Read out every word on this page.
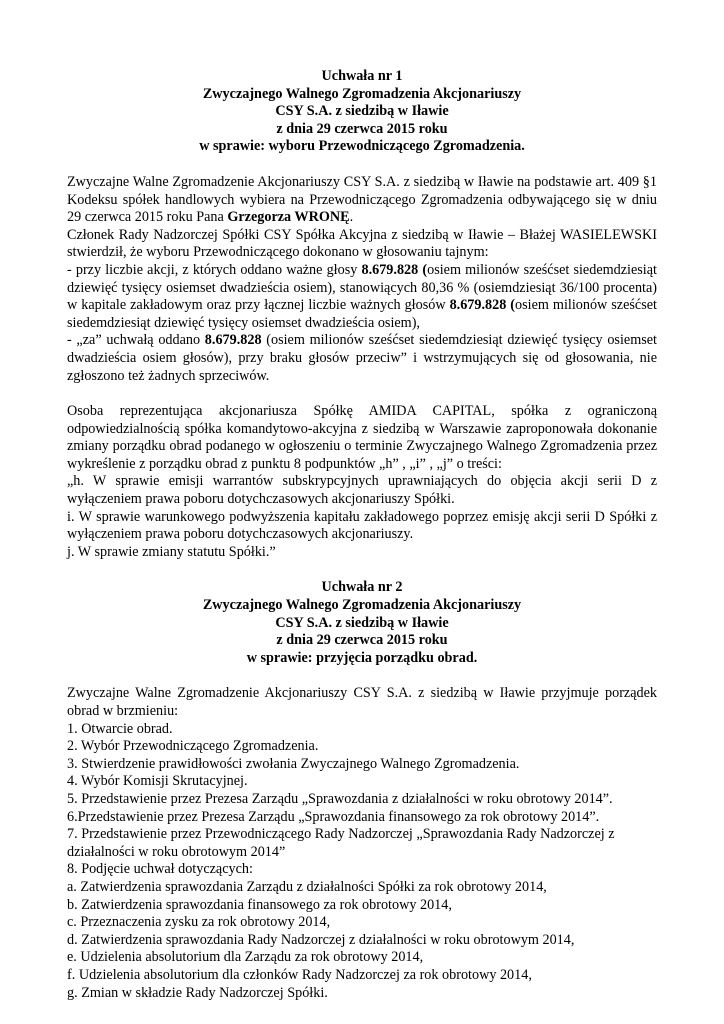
Uchwała nr 1

Zwyczajnego Walnego Zgromadzenia Akcjonariuszy

CSY S.A. z siedzibą w Iławie

z dnia 29 czerwca 2015 roku

w sprawie: wyboru Przewodniczącego Zgromadzenia.

Zwyczajne Walne Zgromadzenie Akcjonariuszy CSY S.A. z siedzibą w Iławie na podstawie art. 409 §1 Kodeksu spółek handlowych wybiera na Przewodniczącego Zgromadzenia odbywającego się w dniu 29 czerwca 2015 roku Pana Grzegorza WRONĘ.

Członek Rady Nadzorczej Spółki CSY Spółka Akcyjna z siedzibą w Iławie – Błażej WASIELEWSKI stwierdził, że wyboru Przewodniczącego dokonano w głosowaniu tajnym:

- przy liczbie akcji, z których oddano ważne głosy 8.679.828 (osiem milionów sześćset siedemdziesiąt dziewięć tysięcy osiemset dwadzieścia osiem), stanowiących 80,36 % (osiemdziesiąt 36/100 procenta) w kapitale zakładowym oraz przy łącznej liczbie ważnych głosów 8.679.828 (osiem milionów sześćset siedemdziesiąt dziewięć tysięcy osiemset dwadzieścia osiem),

- „za” uchwałą oddano 8.679.828 (osiem milionów sześćset siedemdziesiąt dziewięć tysięcy osiemset dwadzieścia osiem głosów), przy braku głosów przeciw” i wstrzymujących się od głosowania, nie zgłoszono też żadnych sprzeciwów.

Osoba reprezentująca akcjonariusza Spółkę AMIDA CAPITAL, spółka z ograniczoną odpowiedzialnością spółka komandytowo-akcyjna z siedzibą w Warszawie zaproponowała dokonanie zmiany porządku obrad podanego w ogłoszeniu o terminie Zwyczajnego Walnego Zgromadzenia przez wykreślenie z porządku obrad z punktu 8 podpunktów „h” , „i” , „j” o treści:

„h. W sprawie emisji warrantów subskrypcyjnych uprawniających do objęcia akcji serii D z wyłączeniem prawa poboru dotychczasowych akcjonariuszy Spółki.

i. W sprawie warunkowego podwyższenia kapitału zakładowego poprzez emisję akcji serii D Spółki z wyłączeniem prawa poboru dotychczasowych akcjonariuszy.

j. W sprawie zmiany statutu Spółki.”

Uchwała nr 2

Zwyczajnego Walnego Zgromadzenia Akcjonariuszy

CSY S.A. z siedzibą w Iławie

z dnia 29 czerwca 2015 roku

w sprawie: przyjęcia porządku obrad.

Zwyczajne Walne Zgromadzenie Akcjonariuszy CSY S.A. z siedzibą w Iławie przyjmuje porządek obrad w brzmieniu:

1. Otwarcie obrad.

2. Wybór Przewodniczącego Zgromadzenia.

3. Stwierdzenie prawidłowości zwołania Zwyczajnego Walnego Zgromadzenia.

4. Wybór Komisji Skrutacyjnej.

5. Przedstawienie przez Prezesa Zarządu „Sprawozdania z działalności w roku obrotowy 2014”.

6.Przedstawienie przez Prezesa Zarządu „Sprawozdania finansowego za rok obrotowy 2014”.

7. Przedstawienie przez Przewodniczącego Rady Nadzorczej „Sprawozdania Rady Nadzorczej z działalności w roku obrotowym 2014”

8. Podjęcie uchwał dotyczących:

a. Zatwierdzenia sprawozdania Zarządu z działalności Spółki za rok obrotowy 2014,

b. Zatwierdzenia sprawozdania finansowego za rok obrotowy 2014,

c. Przeznaczenia zysku za rok obrotowy 2014,

d. Zatwierdzenia sprawozdania Rady Nadzorczej z działalności w roku obrotowym 2014,

e. Udzielenia absolutorium dla Zarządu za rok obrotowy 2014,

f. Udzielenia absolutorium dla członków Rady Nadzorczej za rok obrotowy 2014,

g. Zmian w składzie Rady Nadzorczej Spółki.
